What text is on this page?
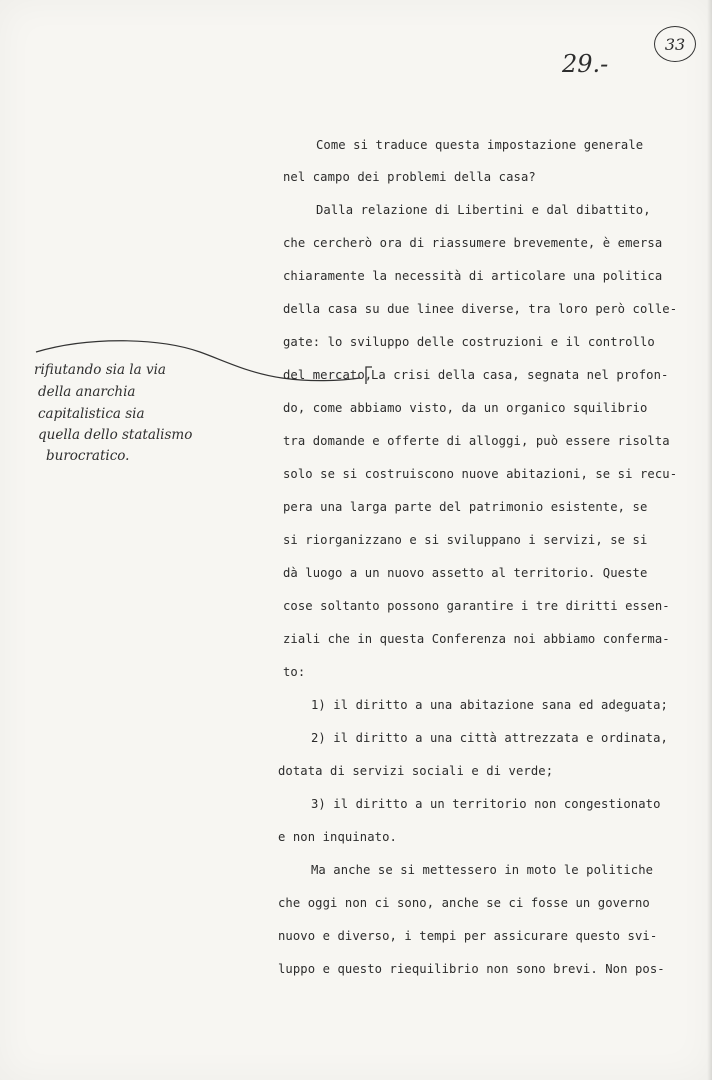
29.-
33
Come si traduce questa impostazione generale
nel campo dei problemi della casa?
Dalla relazione di Libertini e dal dibattito,
che cercherò ora di riassumere brevemente, è emersa
chiaramente la necessità di articolare una politica
della casa su due linee diverse, tra loro però colle-
gate: lo sviluppo delle costruzioni e il controllo
del mercato,
La crisi della casa, segnata nel profon-
do, come abbiamo visto, da un organico squilibrio
tra domande e offerte di alloggi, può essere risolta
solo se si costruiscono nuove abitazioni, se si recu-
pera una larga parte del patrimonio esistente, se
si riorganizzano e si sviluppano i servizi, se si
dà luogo a un nuovo assetto al territorio. Queste
cose soltanto possono garantire i tre diritti essen-
ziali che in questa Conferenza noi abbiamo conferma-
to:
1) il diritto a una abitazione sana ed adeguata;
2) il diritto a una città attrezzata e ordinata,
dotata di servizi sociali e di verde;
3) il diritto a un territorio non congestionato
e non inquinato.
Ma anche se si mettessero in moto le politiche
che oggi non ci sono, anche se ci fosse un governo
nuovo e diverso, i tempi per assicurare questo svi-
luppo e questo riequilibrio non sono brevi. Non pos-
rifiutando sia la via
della anarchia
capitalistica sia
quella dello statalismo
burocratico.
